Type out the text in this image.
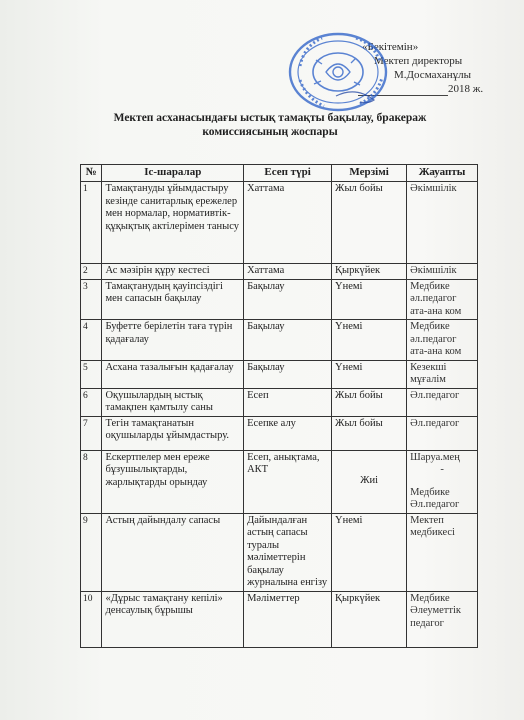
«Бекітемін»
Мектеп директоры
М.Досмаханұлы
2018 ж.
Мектеп асханасындағы ыстық тамақты бақылау, бракераж
комиссиясының жоспары
№	Іс-шаралар	Есеп түрі	Мерзімі	Жауапты
1	Тамақтануды ұйымдастыру кезінде санитарлық ережелер мен нормалар, нормативтік-құқықтық актілерімен танысу	Хаттама	Жыл бойы	Әкімшілік

2	Ас мәзірін құру кестесі	Хаттама	Қыркүйек	Әкімшілік

3	Тамақтанудың қауіпсіздігі мен сапасын бақылау	Бақылау	Үнемі	Медбике
әл.педагог
ата-ана ком

4	Буфетте берілетін таға түрін қадағалау	Бақылау	Үнемі	Медбике
әл.педагог
ата-ана ком

5	Асхана тазалығын қадағалау	Бақылау	Үнемі	Кезекші
мұғалім

6	Оқушылардың ыстық тамақпен қамтылу саны	Есеп	Жыл бойы	Әл.педагог

7	Тегін тамақтанатын оқушыларды ұйымдастыру.	Есепке алу	Жыл бойы	Әл.педагог

8	Ескертпелер мен ереже бұзушылықтарды, жарлықтарды орындау	Есеп, анықтама, АКТ	Жиі	Шаруа.мең
-
Медбике
Әл.педагог

9	Астың дайындалу сапасы	Дайындалған астың сапасы туралы мәліметтерін бақылау журналына енгізу	Үнемі	Мектеп
медбикесі

10	«Дұрыс тамақтану кепілі» денсаулық бұрышы	Мәліметтер	Қыркүйек	Медбике
Әлеуметтік
педагог
